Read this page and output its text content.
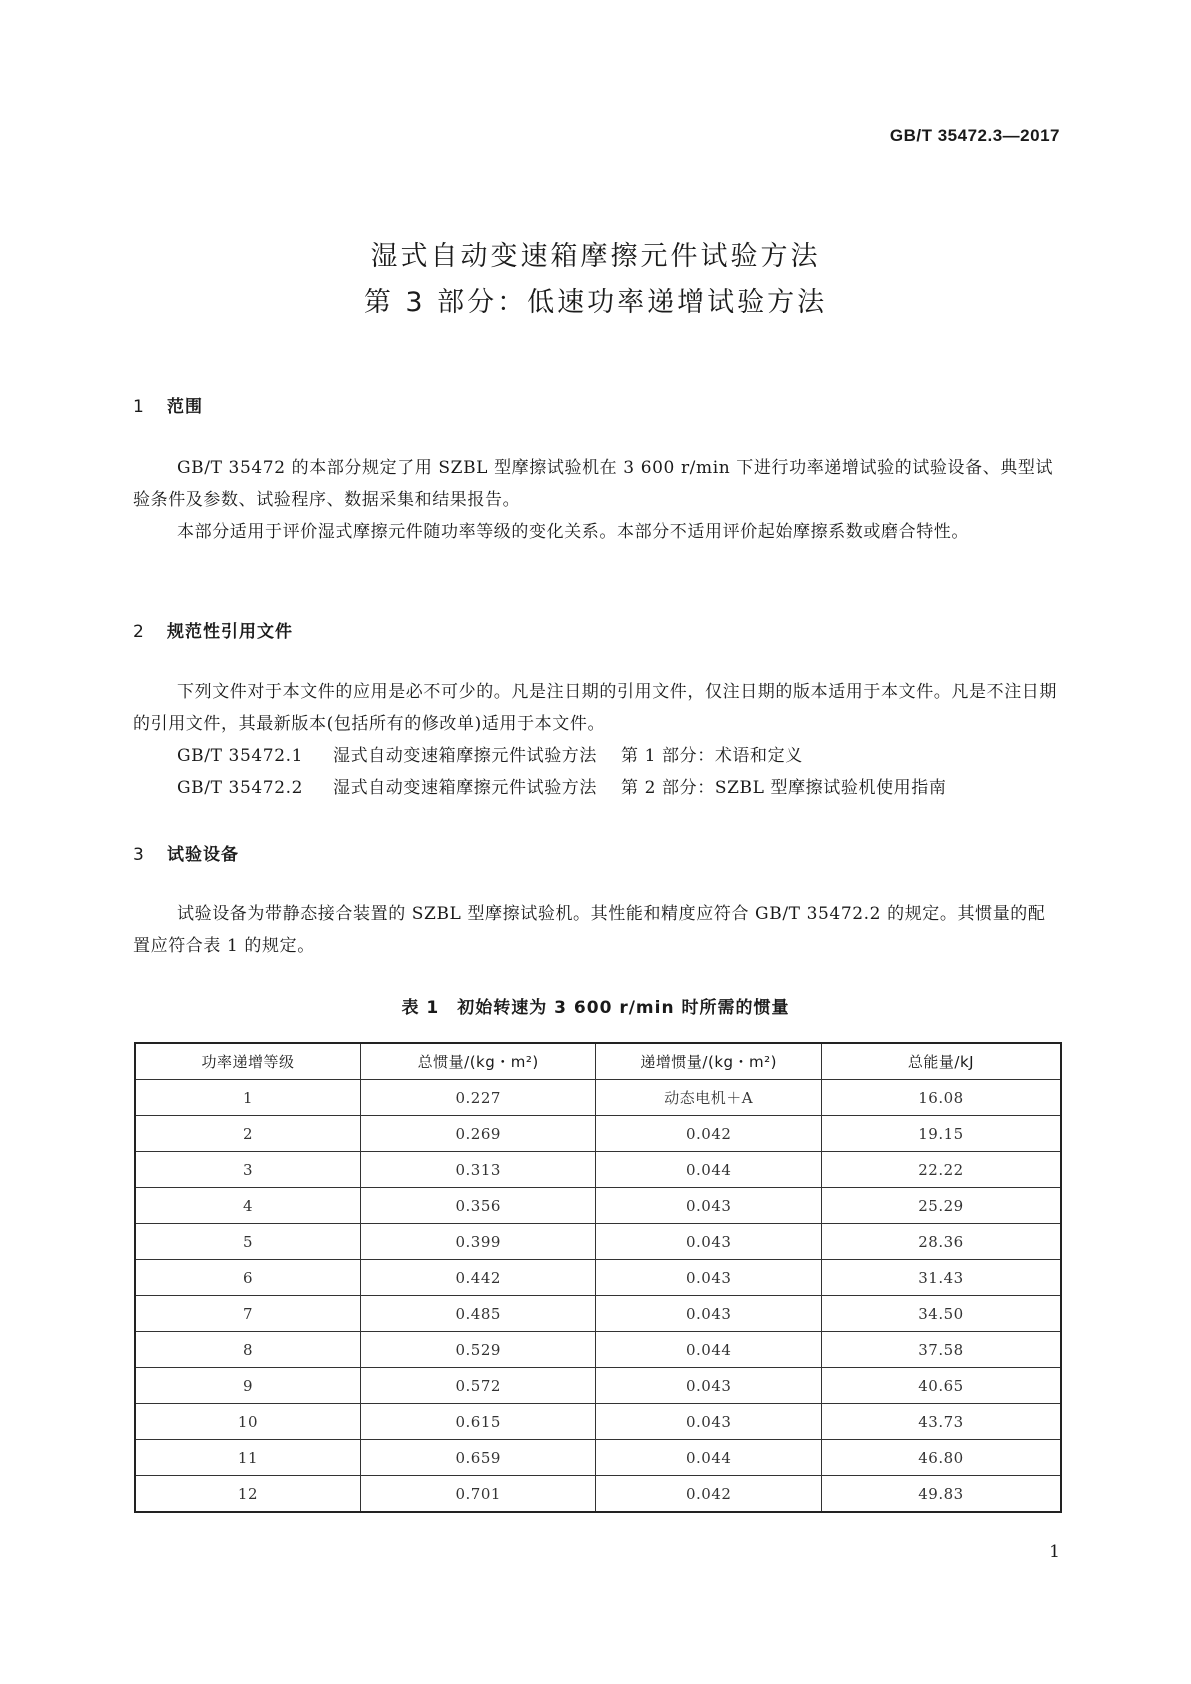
GB/T 35472.3—2017
湿式自动变速箱摩擦元件试验方法
第 3 部分：低速功率递增试验方法
1 范围

GB/T 35472 的本部分规定了用 SZBL 型摩擦试验机在 3 600 r/min 下进行功率递增试验的试验设备、典型试验条件及参数、试验程序、数据采集和结果报告。

本部分适用于评价湿式摩擦元件随功率等级的变化关系。本部分不适用评价起始摩擦系数或磨合特性。

2 规范性引用文件

下列文件对于本文件的应用是必不可少的。凡是注日期的引用文件，仅注日期的版本适用于本文件。凡是不注日期的引用文件，其最新版本(包括所有的修改单)适用于本文件。

GB/T 35472.1 湿式自动变速箱摩擦元件试验方法 第 1 部分：术语和定义

GB/T 35472.2 湿式自动变速箱摩擦元件试验方法 第 2 部分：SZBL 型摩擦试验机使用指南

3 试验设备

试验设备为带静态接合装置的 SZBL 型摩擦试验机。其性能和精度应符合 GB/T 35472.2 的规定。其惯量的配置应符合表 1 的规定。

表 1　初始转速为 3 600 r/min 时所需的惯量
功率递增等级	总惯量/(kg・m²)	递增惯量/(kg・m²)	总能量/kJ
1	0.227	动态电机＋A	16.08
2	0.269	0.042	19.15
3	0.313	0.044	22.22
4	0.356	0.043	25.29
5	0.399	0.043	28.36
6	0.442	0.043	31.43
7	0.485	0.043	34.50
8	0.529	0.044	37.58
9	0.572	0.043	40.65
10	0.615	0.043	43.73
11	0.659	0.044	46.80
12	0.701	0.042	49.83
1
